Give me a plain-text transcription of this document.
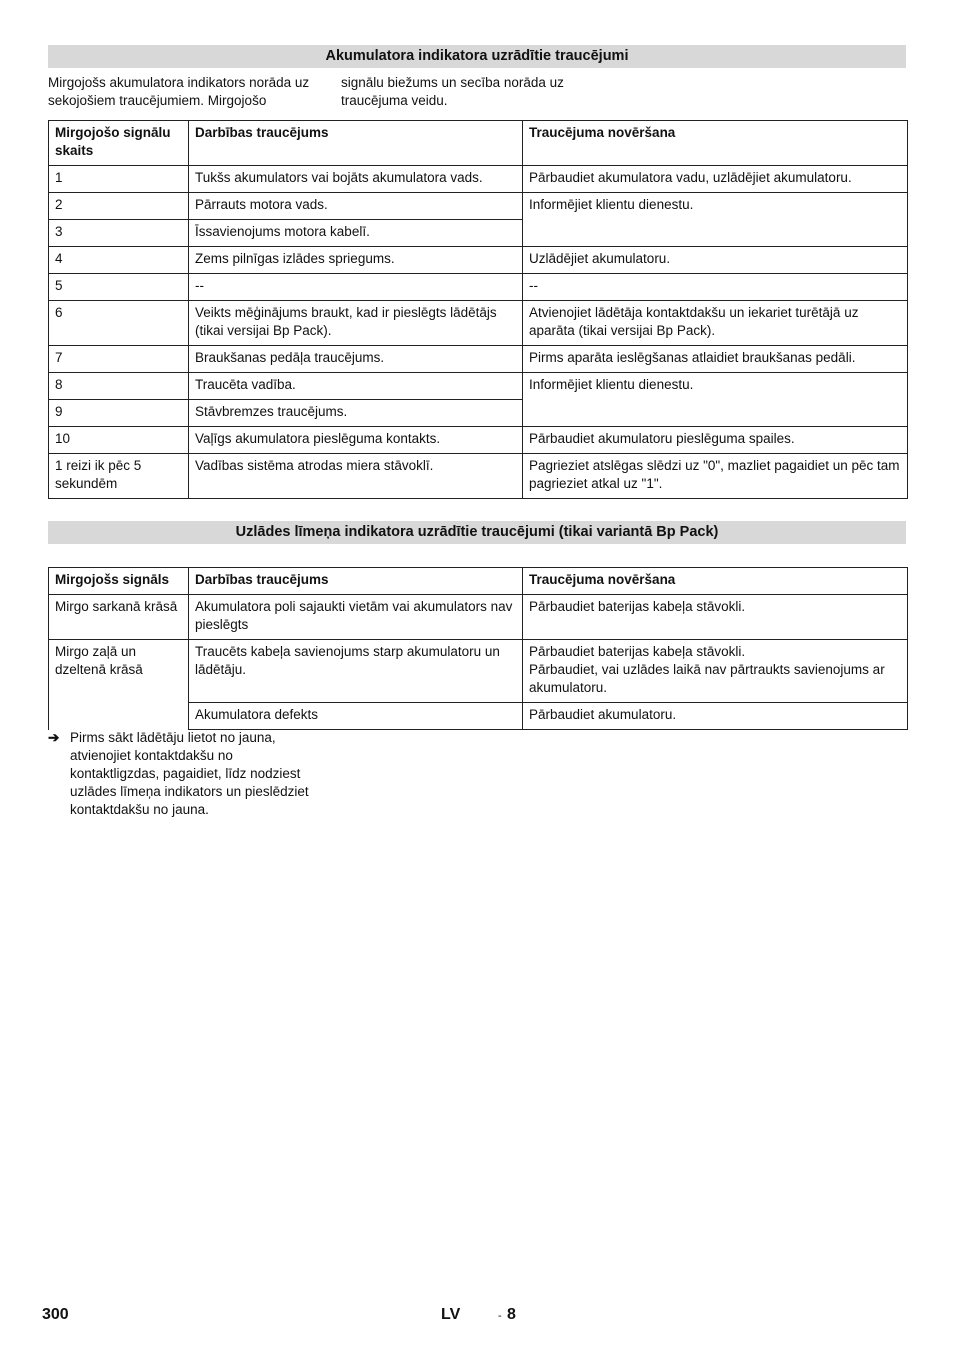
Akumulatora indikatora uzrādītie traucējumi
Mirgojošs akumulatora indikators norāda uz sekojošiem traucējumiem. Mirgojošo
signālu biežums un secība norāda uz traucējuma veidu.
Mirgojošo signālu skaits	Darbības traucējums	Traucējuma novēršana
1	Tukšs akumulators vai bojāts akumulatora vads.	Pārbaudiet akumulatora vadu, uzlādējiet akumulatoru.
2	Pārrauts motora vads.	Informējiet klientu dienestu.
3	Īssavienojums motora kabelī.	
4	Zems pilnīgas izlādes spriegums.	Uzlādējiet akumulatoru.
5	--	--
6	Veikts mēģinājums braukt, kad ir pieslēgts lādētājs (tikai versijai Bp Pack).	Atvienojiet lādētāja kontaktdakšu un iekariet turētājā uz aparāta (tikai versijai Bp Pack).
7	Braukšanas pedāļa traucējums.	Pirms aparāta ieslēgšanas atlaidiet braukšanas pedāli.
8	Traucēta vadība.	Informējiet klientu dienestu.
9	Stāvbremzes traucējums.	
10	Vaļīgs akumulatora pieslēguma kontakts.	Pārbaudiet akumulatoru pieslēguma spailes.
1 reizi ik pēc 5 sekundēm	Vadības sistēma atrodas miera stāvoklī.	Pagrieziet atslēgas slēdzi uz "0", mazliet pagaidiet un pēc tam pagrieziet atkal uz "1".
Uzlādes līmeņa indikatora uzrādītie traucējumi (tikai variantā Bp Pack)
Mirgojošs signāls	Darbības traucējums	Traucējuma novēršana
Mirgo sarkanā krāsā	Akumulatora poli sajaukti vietām vai akumulators nav pieslēgts	Pārbaudiet baterijas kabeļa stāvokli.
Mirgo zaļā un dzeltenā krāsā	Traucēts kabeļa savienojums starp akumulatoru un lādētāju.	Pārbaudiet baterijas kabeļa stāvokli.
Pārbaudiet, vai uzlādes laikā nav pārtraukts savienojums ar akumulatoru.

	Akumulatora defekts	Pārbaudiet akumulatoru.
➔ Pirms sākt lādētāju lietot no jauna, atvienojiet kontaktdakšu no kontaktligzdas, pagaidiet, līdz nodziest uzlādes līmeņa indikators un pieslēdziet kontaktdakšu no jauna.
300	LV	- 8
